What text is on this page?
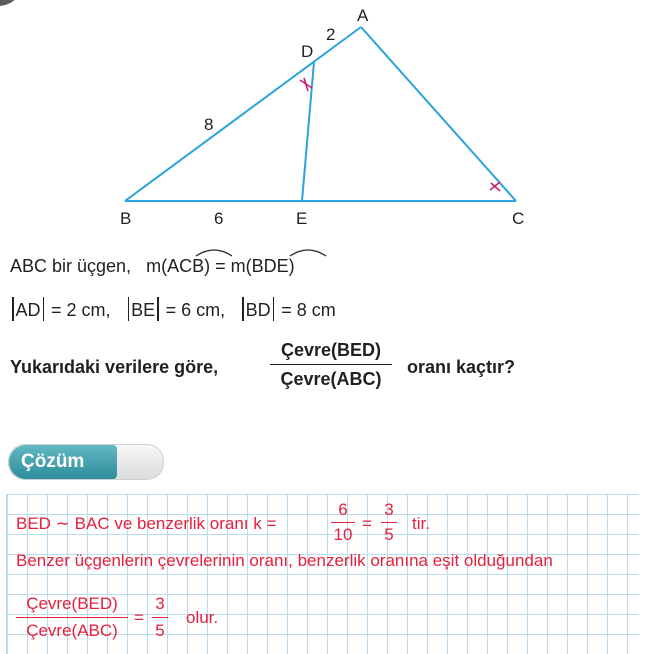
A
D
B	E	C
2
8
6
ABC bir üçgen, m(ACB) = m(BDE)
AD = 2 cm, BE = 6 cm, BD = 8 cm
Yukarıdaki verilere göre,
Çevre(BED)
Çevre(ABC)
oranı kaçtır?
Çözüm
BED ∼ BAC ve benzerlik oranı k =
6
10
=
3
5
tir.
Benzer üçgenlerin çevrelerinin oranı, benzerlik oranına eşit olduğundan
Çevre(BED)
Çevre(ABC)
=
3
5
olur.
